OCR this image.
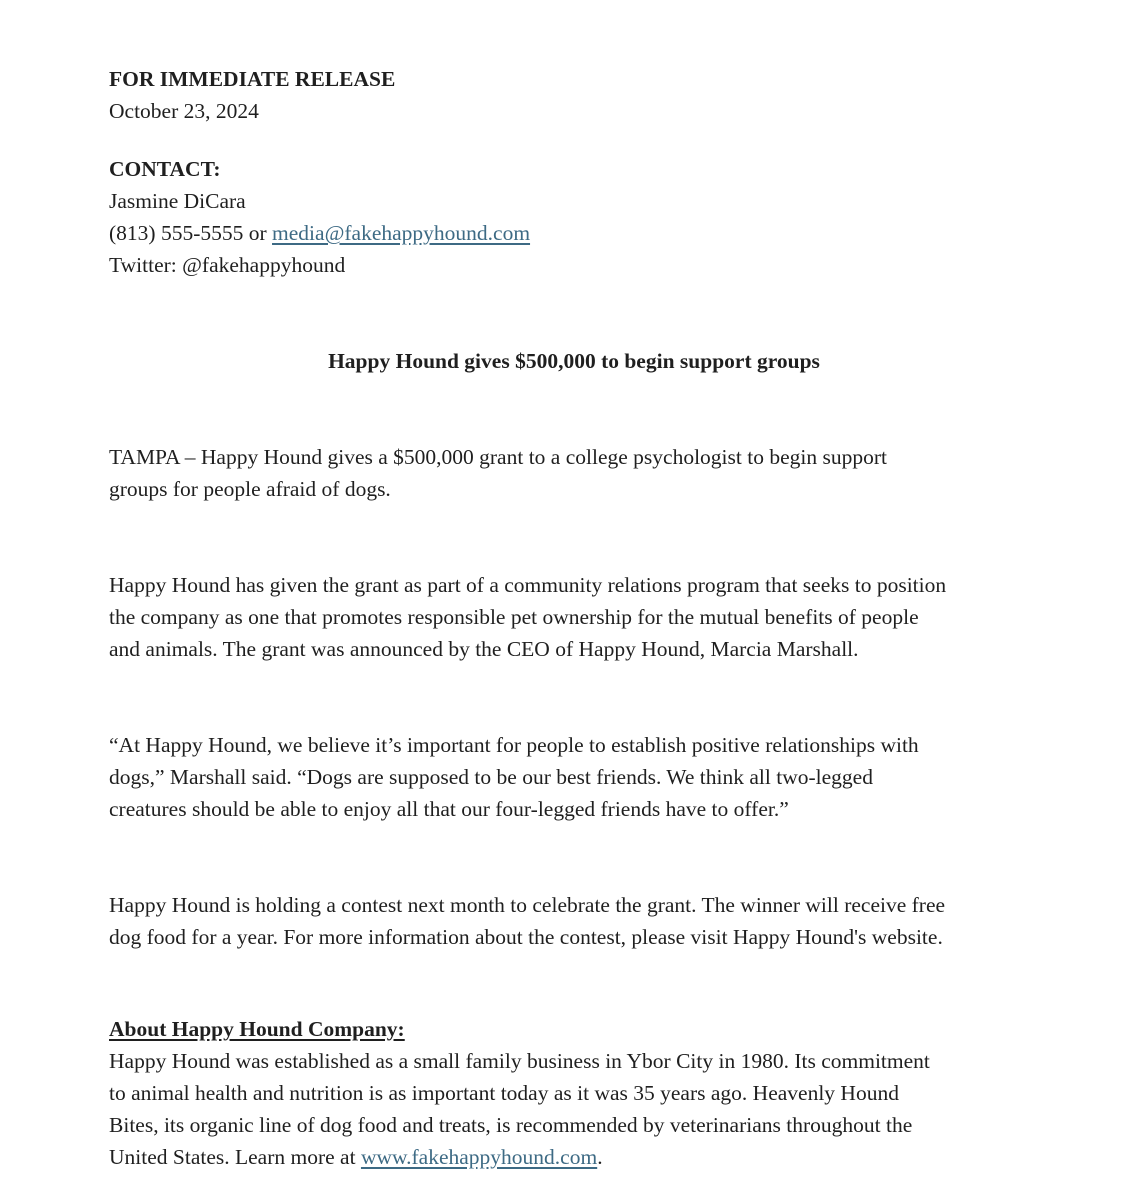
FOR IMMEDIATE RELEASE
October 23, 2024
CONTACT:
Jasmine DiCara
(813) 555-5555 or media@fakehappyhound.com
Twitter: @fakehappyhound
Happy Hound gives $500,000 to begin support groups
TAMPA – Happy Hound gives a $500,000 grant to a college psychologist to begin support
groups for people afraid of dogs.
Happy Hound has given the grant as part of a community relations program that seeks to position
the company as one that promotes responsible pet ownership for the mutual benefits of people
and animals. The grant was announced by the CEO of Happy Hound, Marcia Marshall.
“At Happy Hound, we believe it’s important for people to establish positive relationships with
dogs,” Marshall said. “Dogs are supposed to be our best friends. We think all two-legged
creatures should be able to enjoy all that our four-legged friends have to offer.”
Happy Hound is holding a contest next month to celebrate the grant. The winner will receive free
dog food for a year. For more information about the contest, please visit Happy Hound's website.
About Happy Hound Company:
Happy Hound was established as a small family business in Ybor City in 1980. Its commitment
to animal health and nutrition is as important today as it was 35 years ago. Heavenly Hound
Bites, its organic line of dog food and treats, is recommended by veterinarians throughout the
United States. Learn more at www.fakehappyhound.com.
